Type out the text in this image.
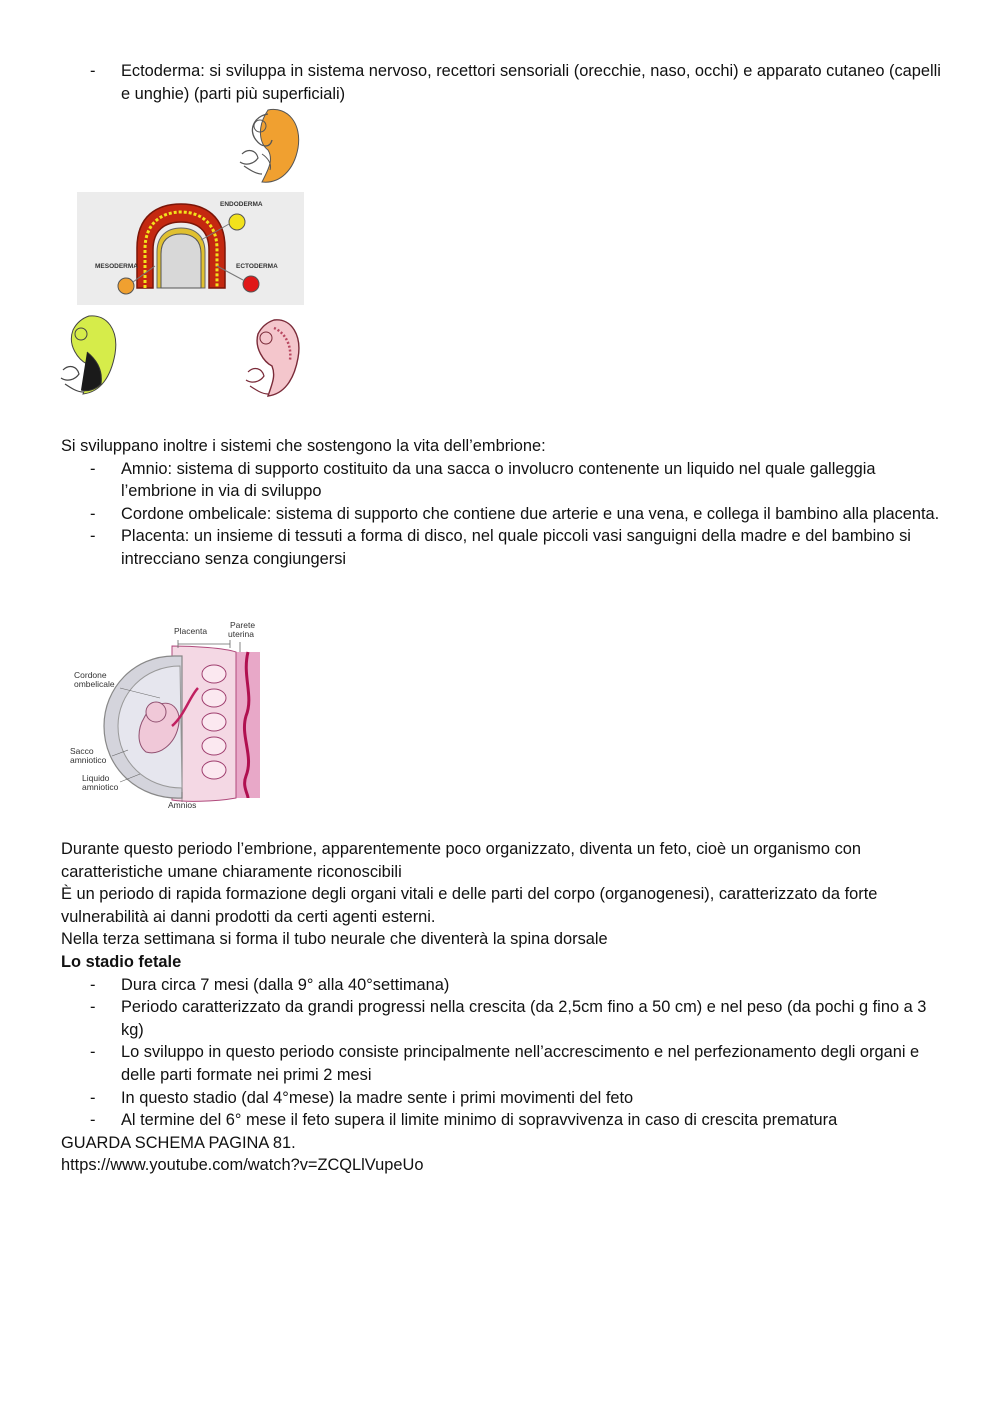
- Ectoderma: si sviluppa in sistema nervoso, recettori sensoriali (orecchie, naso, occhi) e apparato cutaneo (capelli e unghie) (parti più superficiali)
ENDODERMA
MESODERMA	ECTODERMA

Si sviluppano inoltre i sistemi che sostengono la vita dell’embrione:

- Amnio: sistema di supporto costituito da una sacca o involucro contenente un liquido nel quale galleggia l’embrione in via di sviluppo
- Cordone ombelicale: sistema di supporto che contiene due arterie e una vena, e collega il bambino alla placenta.
- Placenta: un insieme di tessuti a forma di disco, nel quale piccoli vasi sanguigni della madre e del bambino si intrecciano senza congiungersi
Placenta
Parete
uterina
Cordone
ombelicale
Sacco
amniotico
Liquido
amniotico
Amnios

Durante questo periodo l’embrione, apparentemente poco organizzato, diventa un feto, cioè un organismo con caratteristiche umane chiaramente riconoscibili

È un periodo di rapida formazione degli organi vitali e delle parti del corpo (organogenesi), caratterizzato da forte vulnerabilità ai danni prodotti da certi agenti esterni.

Nella terza settimana si forma il tubo neurale che diventerà la spina dorsale

Lo stadio fetale

- Dura circa 7 mesi (dalla 9° alla 40°settimana)
- Periodo caratterizzato da grandi progressi nella crescita (da 2,5cm fino a 50 cm) e nel peso (da pochi g fino a 3 kg)
- Lo sviluppo in questo periodo consiste principalmente nell’accrescimento e nel perfezionamento degli organi e delle parti formate nei primi 2 mesi
- In questo stadio (dal 4°mese) la madre sente i primi movimenti del feto
- Al termine del 6° mese il feto supera il limite minimo di sopravvivenza in caso di crescita prematura

GUARDA SCHEMA PAGINA 81.

https://www.youtube.com/watch?v=ZCQLlVupeUo
